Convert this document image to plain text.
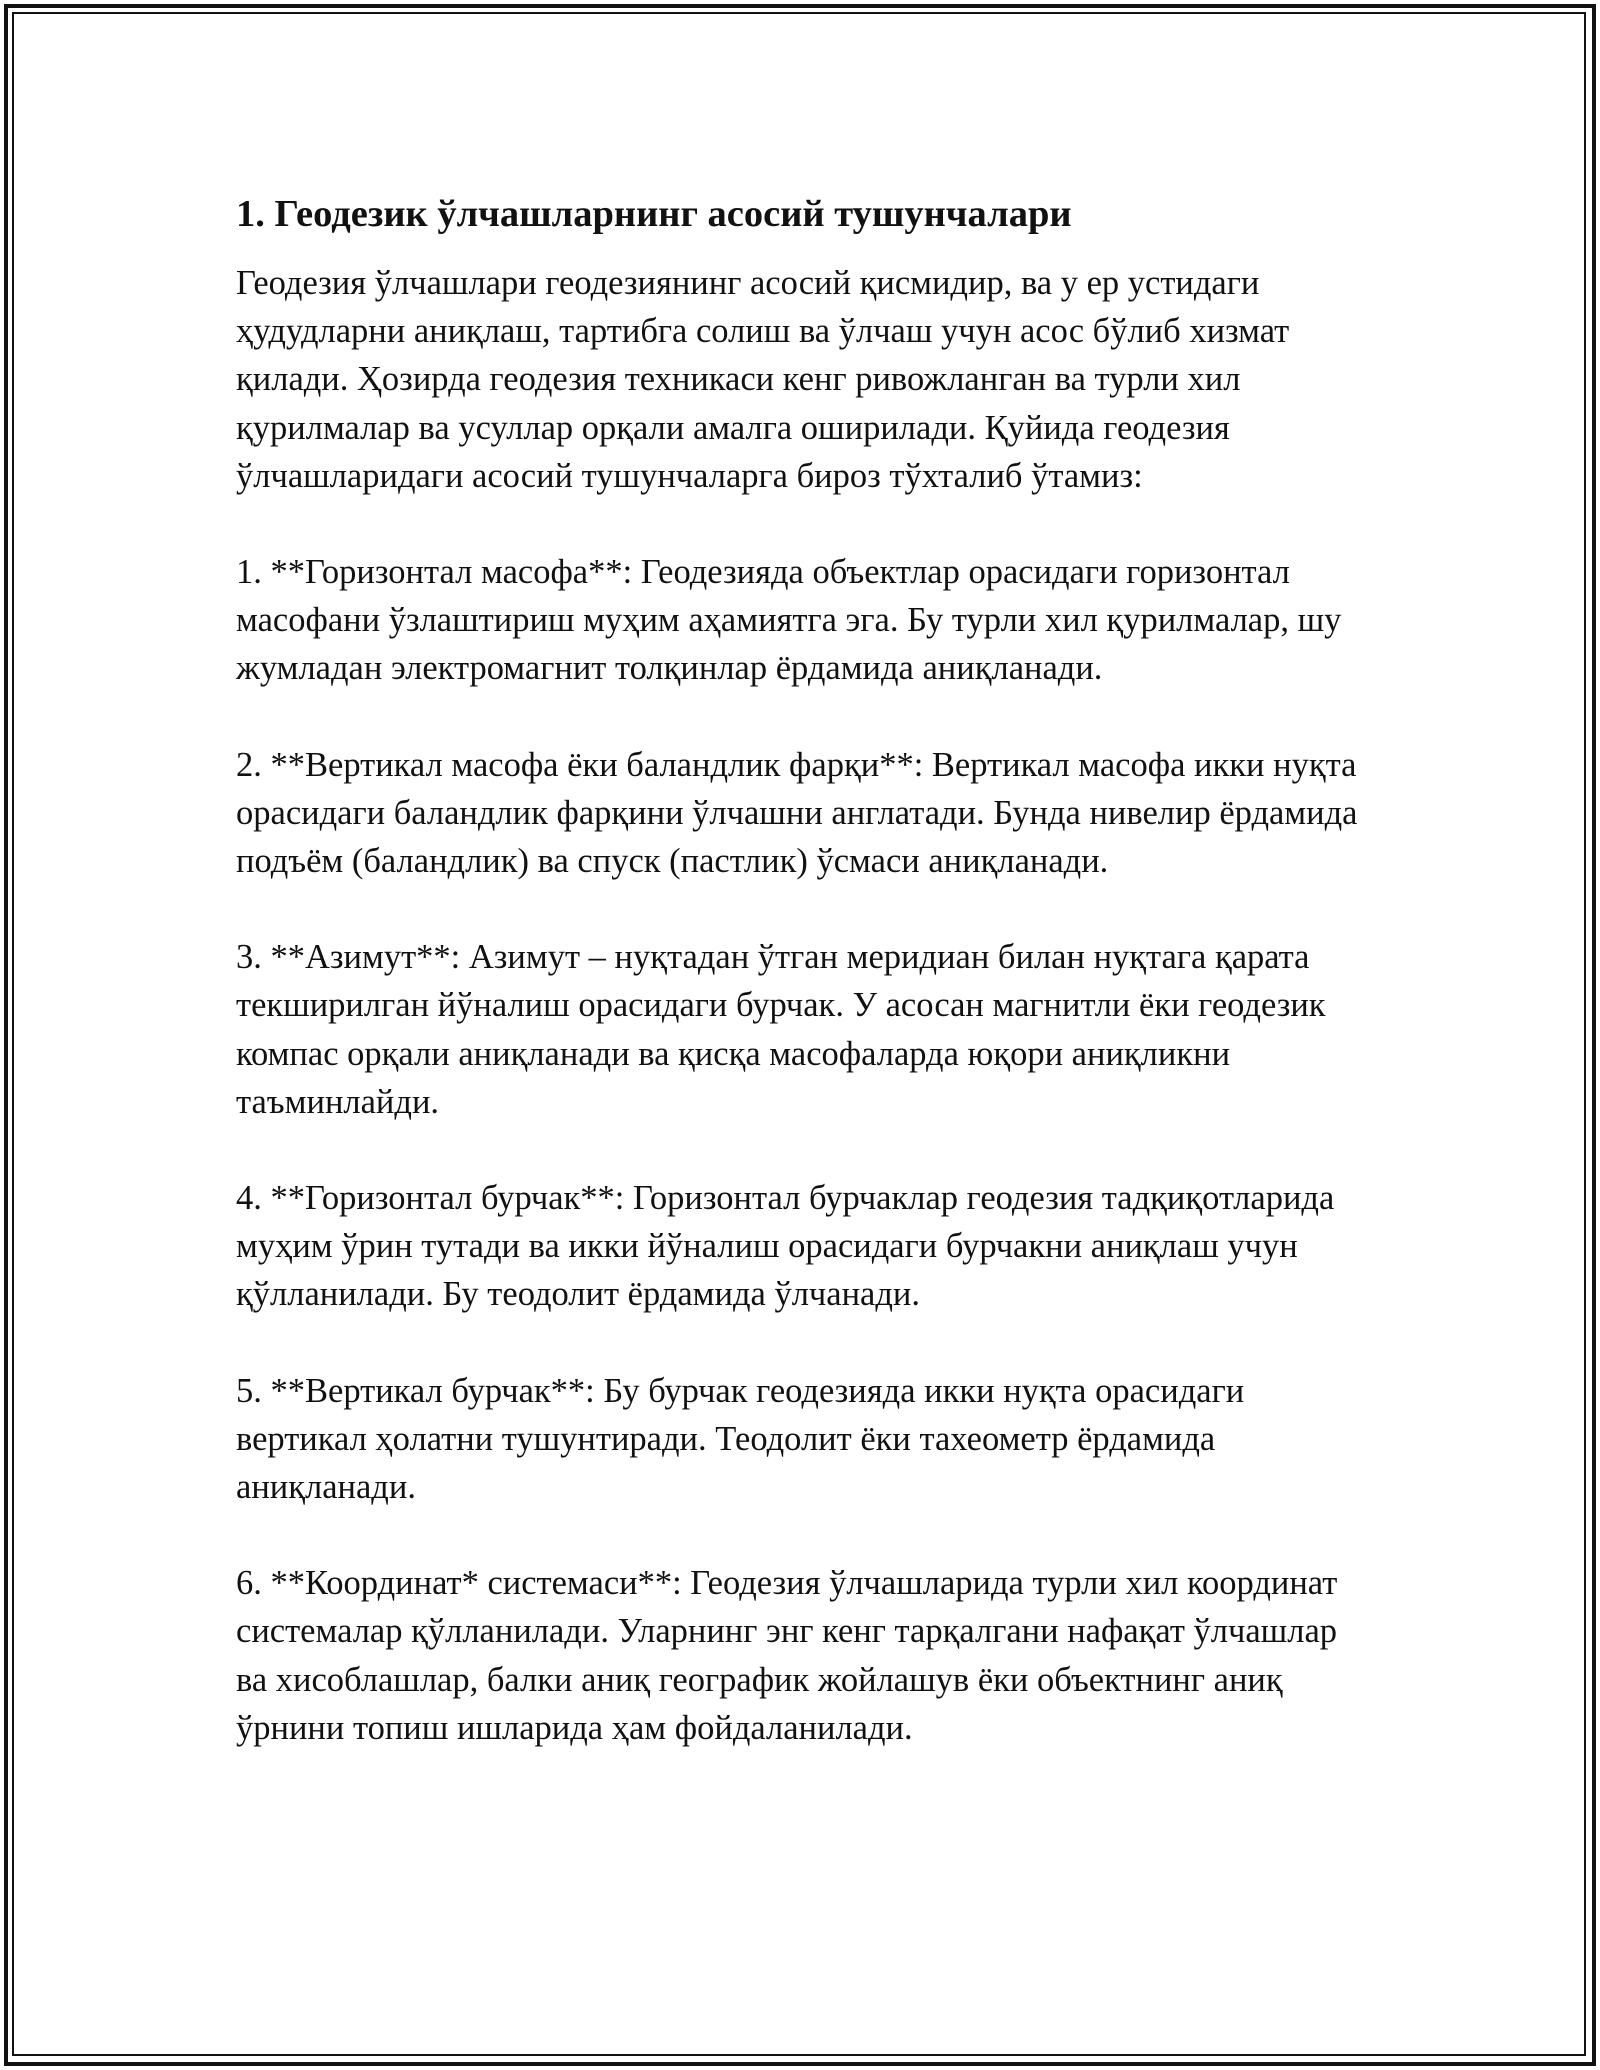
1. Геодезик ўлчашларнинг асосий тушунчалари

Геодезия ўлчашлари геодезиянинг асосий қисмидир, ва у ер устидаги ҳудудларни аниқлаш, тартибга солиш ва ўлчаш учун асос бўлиб хизмат қилади. Ҳозирда геодезия техникаси кенг ривожланган ва турли хил қурилмалар ва усуллар орқали амалга оширилади. Қуйида геодезия ўлчашларидаги асосий тушунчаларга бироз тўхталиб ўтамиз:

1. **Горизонтал масофа**: Геодезияда объектлар орасидаги горизонтал масофани ўзлаштириш муҳим аҳамиятга эга. Бу турли хил қурилмалар, шу жумладан электромагнит толқинлар ёрдамида аниқланади.

2. **Вертикал масофа ёки баландлик фарқи**: Вертикал масофа икки нуқта орасидаги баландлик фарқини ўлчашни англатади. Бунда нивелир ёрдамида подъём (баландлик) ва спуск (пастлик) ўсмаси аниқланади.

3. **Азимут**: Азимут – нуқтадан ўтган меридиан билан нуқтага қарата текширилган йўналиш орасидаги бурчак. У асосан магнитли ёки геодезик компас орқали аниқланади ва қисқа масофаларда юқори аниқликни таъминлайди.

4. **Горизонтал бурчак**: Горизонтал бурчаклар геодезия тадқиқотларида муҳим ўрин тутади ва икки йўналиш орасидаги бурчакни аниқлаш учун қўлланилади. Бу теодолит ёрдамида ўлчанади.

5. **Вертикал бурчак**: Бу бурчак геодезияда икки нуқта орасидаги вертикал ҳолатни тушунтиради. Теодолит ёки тахеометр ёрдамида аниқланади.

6. **Координат* системаси**: Геодезия ўлчашларида турли хил координат системалар қўлланилади. Уларнинг энг кенг тарқалгани нафақат ўлчашлар ва хисоблашлар, балки аниқ географик жойлашув ёки объектнинг аниқ ўрнини топиш ишларида ҳам фойдаланилади.
